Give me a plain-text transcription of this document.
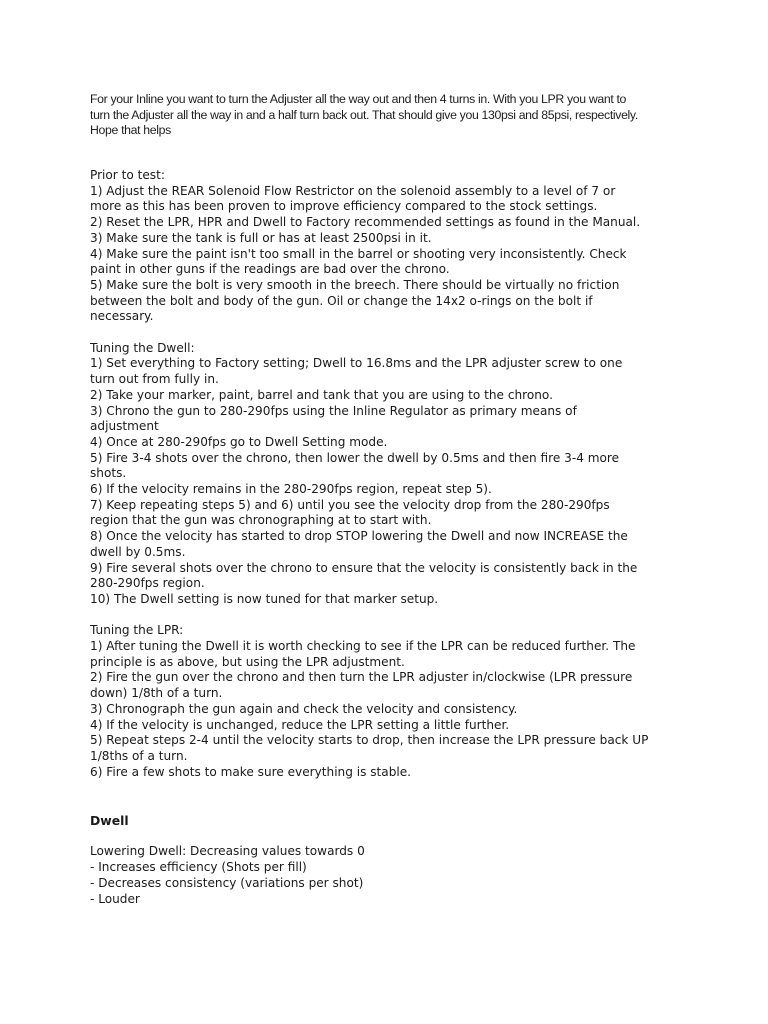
For your Inline you want to turn the Adjuster all the way out and then 4 turns in. With you LPR you want to

turn the Adjuster all the way in and a half turn back out. That should give you 130psi and 85psi, respectively.

Hope that helps

Prior to test:

1) Adjust the REAR Solenoid Flow Restrictor on the solenoid assembly to a level of 7 or

more as this has been proven to improve efficiency compared to the stock settings.

2) Reset the LPR, HPR and Dwell to Factory recommended settings as found in the Manual.

3) Make sure the tank is full or has at least 2500psi in it.

4) Make sure the paint isn't too small in the barrel or shooting very inconsistently. Check

paint in other guns if the readings are bad over the chrono.

5) Make sure the bolt is very smooth in the breech. There should be virtually no friction

between the bolt and body of the gun. Oil or change the 14x2 o-rings on the bolt if

necessary.

Tuning the Dwell:

1) Set everything to Factory setting; Dwell to 16.8ms and the LPR adjuster screw to one

turn out from fully in.

2) Take your marker, paint, barrel and tank that you are using to the chrono.

3) Chrono the gun to 280-290fps using the Inline Regulator as primary means of

adjustment

4) Once at 280-290fps go to Dwell Setting mode.

5) Fire 3-4 shots over the chrono, then lower the dwell by 0.5ms and then fire 3-4 more

shots.

6) If the velocity remains in the 280-290fps region, repeat step 5).

7) Keep repeating steps 5) and 6) until you see the velocity drop from the 280-290fps

region that the gun was chronographing at to start with.

8) Once the velocity has started to drop STOP lowering the Dwell and now INCREASE the

dwell by 0.5ms.

9) Fire several shots over the chrono to ensure that the velocity is consistently back in the

280-290fps region.

10) The Dwell setting is now tuned for that marker setup.

Tuning the LPR:

1) After tuning the Dwell it is worth checking to see if the LPR can be reduced further. The

principle is as above, but using the LPR adjustment.

2) Fire the gun over the chrono and then turn the LPR adjuster in/clockwise (LPR pressure

down) 1/8th of a turn.

3) Chronograph the gun again and check the velocity and consistency.

4) If the velocity is unchanged, reduce the LPR setting a little further.

5) Repeat steps 2-4 until the velocity starts to drop, then increase the LPR pressure back UP

1/8ths of a turn.

6) Fire a few shots to make sure everything is stable.

Dwell

Lowering Dwell: Decreasing values towards 0

- Increases efficiency (Shots per fill)

- Decreases consistency (variations per shot)

- Louder
